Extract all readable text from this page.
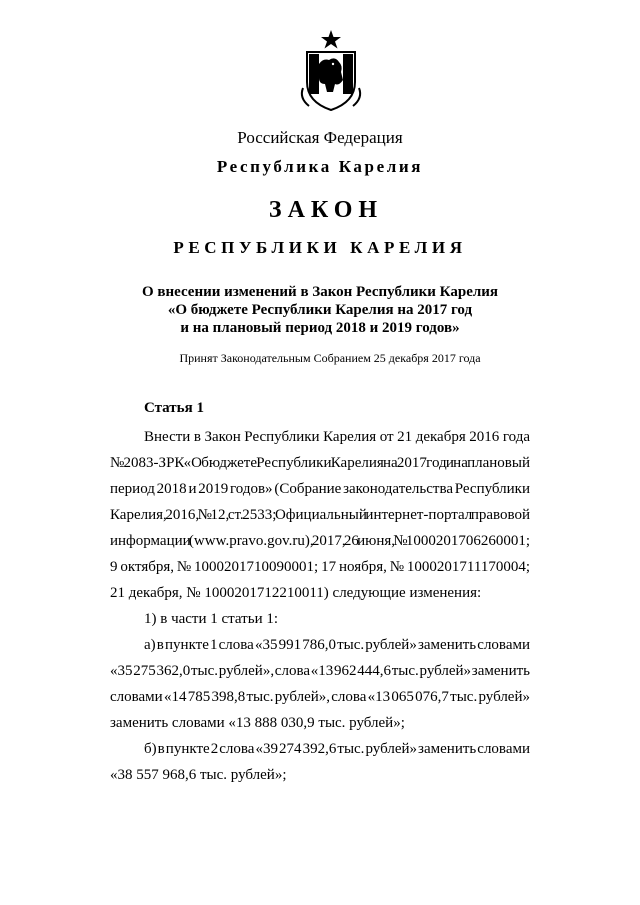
Российская Федерация
Республика Карелия
ЗАКОН
РЕСПУБЛИКИ КАРЕЛИЯ
О внесении изменений в Закон Республики Карелия
«О бюджете Республики Карелия на 2017 год
и на плановый период 2018 и 2019 годов»
Принят Законодательным Собранием 25 декабря 2017 года
Статья 1
Внести в Закон Республики Карелия от 21 декабря 2016 года
№ 2083-ЗРК «О бюджете Республики Карелия на 2017 год и на плановый
период 2018 и 2019 годов» (Собрание законодательства Республики
Карелия, 2016, № 12, ст. 2533; Официальный интернет-портал правовой
информации (www.pravo.gov.ru), 2017, 26 июня, № 1000201706260001;
9 октября, № 1000201710090001; 17 ноября, № 1000201711170004;
21 декабря, № 1000201712210011) следующие изменения:
1) в части 1 статьи 1:
а) в пункте 1 слова «35 991 786,0 тыс. рублей» заменить словами
«35 275 362,0 тыс. рублей», слова «13 962 444,6 тыс. рублей» заменить
словами «14 785 398,8 тыс. рублей», слова «13 065 076,7 тыс. рублей»
заменить словами «13 888 030,9 тыс. рублей»;
б) в пункте 2 слова «39 274 392,6 тыс. рублей» заменить словами
«38 557 968,6 тыс. рублей»;
